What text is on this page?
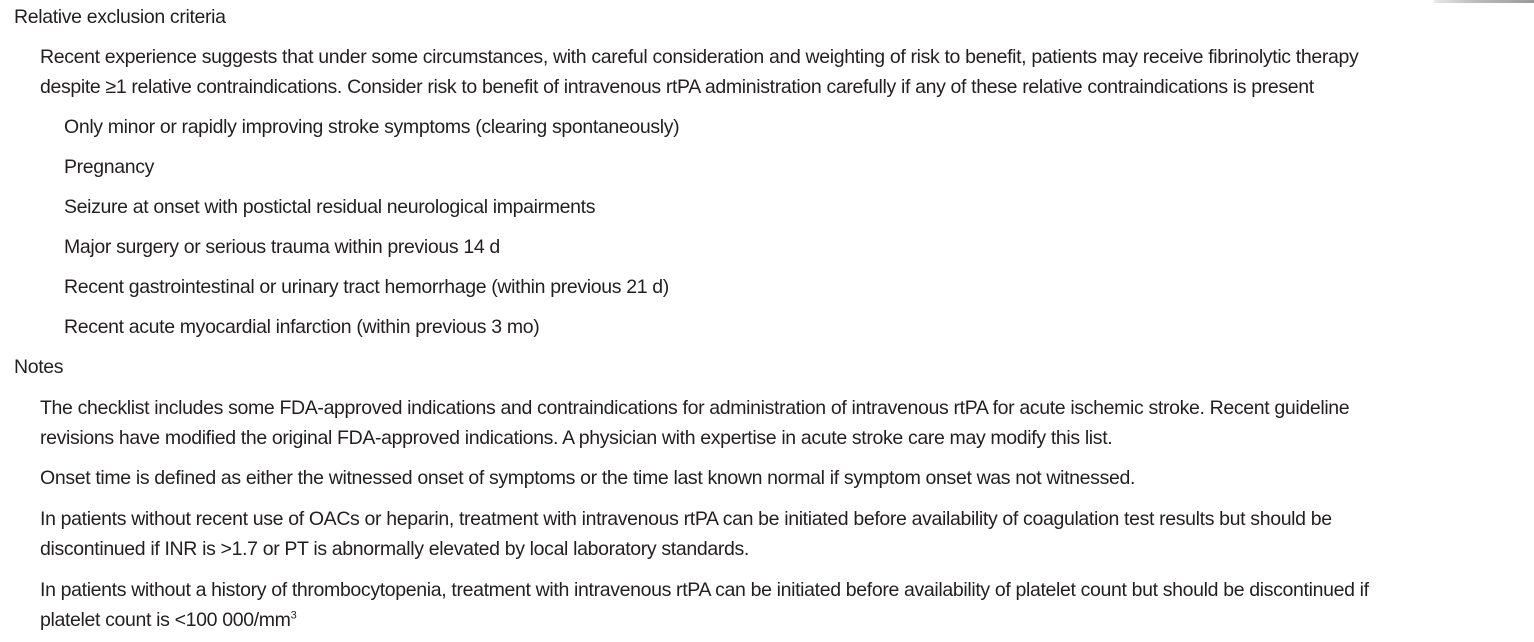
Relative exclusion criteria
Recent experience suggests that under some circumstances, with careful consideration and weighting of risk to benefit, patients may receive fibrinolytic therapy
despite ≥1 relative contraindications. Consider risk to benefit of intravenous rtPA administration carefully if any of these relative contraindications is present
Only minor or rapidly improving stroke symptoms (clearing spontaneously)
Pregnancy
Seizure at onset with postictal residual neurological impairments
Major surgery or serious trauma within previous 14 d
Recent gastrointestinal or urinary tract hemorrhage (within previous 21 d)
Recent acute myocardial infarction (within previous 3 mo)
Notes
The checklist includes some FDA-approved indications and contraindications for administration of intravenous rtPA for acute ischemic stroke. Recent guideline
revisions have modified the original FDA-approved indications. A physician with expertise in acute stroke care may modify this list.
Onset time is defined as either the witnessed onset of symptoms or the time last known normal if symptom onset was not witnessed.
In patients without recent use of OACs or heparin, treatment with intravenous rtPA can be initiated before availability of coagulation test results but should be
discontinued if INR is >1.7 or PT is abnormally elevated by local laboratory standards.
In patients without a history of thrombocytopenia, treatment with intravenous rtPA can be initiated before availability of platelet count but should be discontinued if
platelet count is <100 $000/mm^3$
